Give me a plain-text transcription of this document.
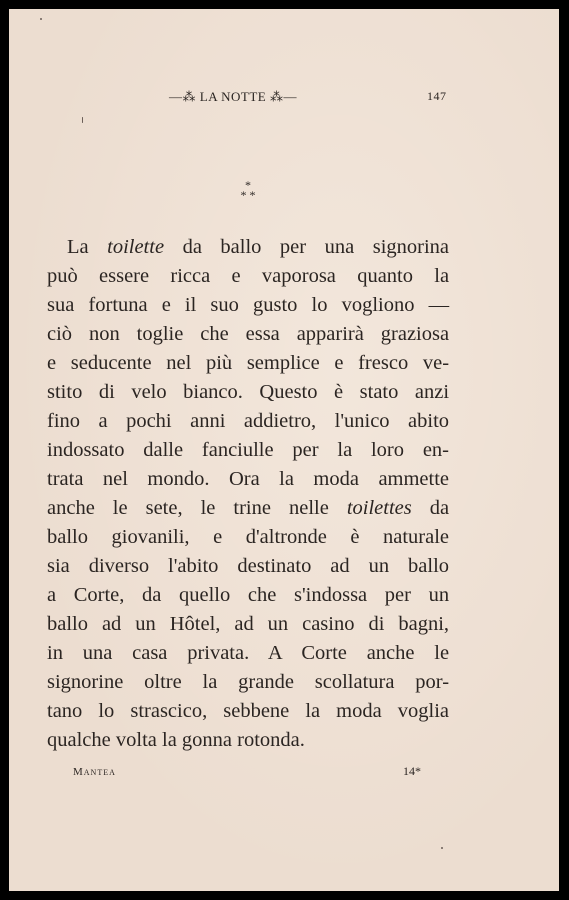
—⁂ LA NOTTE ⁂—	147
*
* *
La toilette da ballo per una signorina
può essere ricca e vaporosa quanto la
sua fortuna e il suo gusto lo vogliono —
ciò non toglie che essa apparirà graziosa
e seducente nel più semplice e fresco ve-
stito di velo bianco. Questo è stato anzi
fino a pochi anni addietro, l'unico abito
indossato dalle fanciulle per la loro en-
trata nel mondo. Ora la moda ammette
anche le sete, le trine nelle toilettes da
ballo giovanili, e d'altronde è naturale
sia diverso l'abito destinato ad un ballo
a Corte, da quello che s'indossa per un
ballo ad un Hôtel, ad un casino di bagni,
in una casa privata. A Corte anche le
signorine oltre la grande scollatura por-
tano lo strascico, sebbene la moda voglia
qualche volta la gonna rotonda.
Mantea	14*
